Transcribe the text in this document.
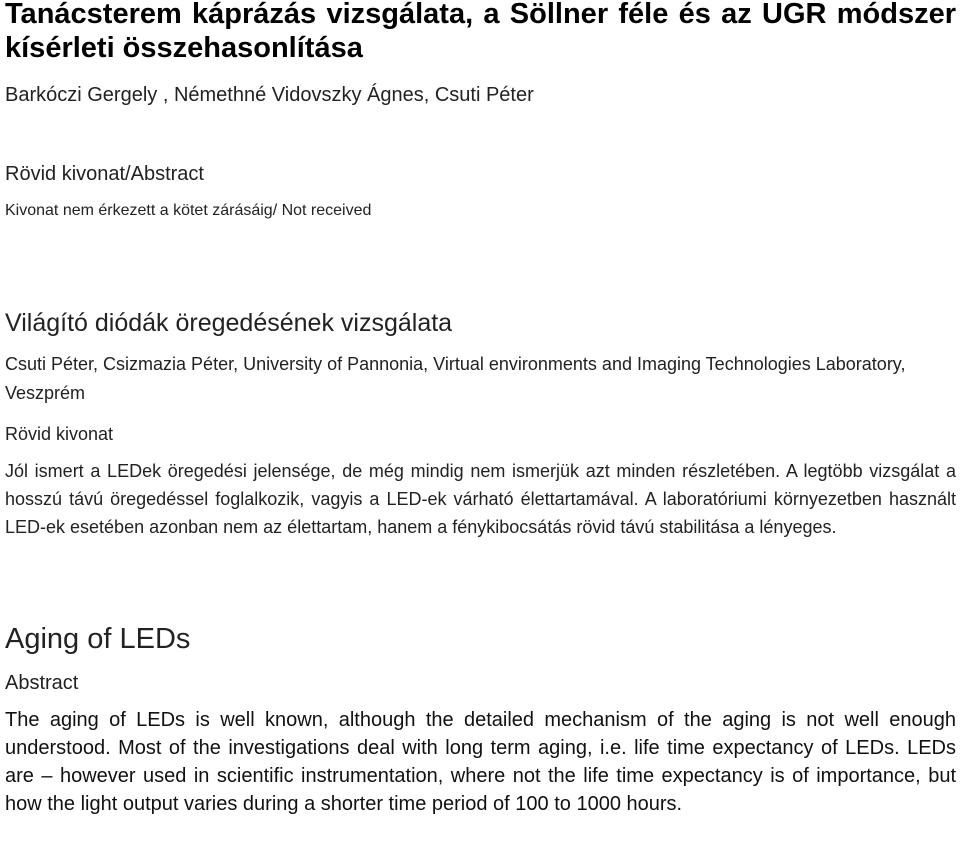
Tanácsterem káprázás vizsgálata, a Söllner féle és az UGR módszer kísérleti összehasonlítása

Barkóczi Gergely , Némethné Vidovszky Ágnes, Csuti Péter

Rövid kivonat/Abstract

Kivonat nem érkezett a kötet zárásáig/ Not received

Világító diódák öregedésének vizsgálata

Csuti Péter, Csizmazia Péter, University of Pannonia, Virtual environments and Imaging Technologies Laboratory, Veszprém

Rövid kivonat

Jól ismert a LEDek öregedési jelensége, de még mindig nem ismerjük azt minden részletében. A legtöbb vizsgálat a hosszú távú öregedéssel foglalkozik, vagyis a LED-ek várható élettartamával. A laboratóriumi környezetben használt LED-ek esetében azonban nem az élettartam, hanem a fénykibocsátás rövid távú stabilitása a lényeges.

Aging of LEDs

Abstract

The aging of LEDs is well known, although the detailed mechanism of the aging is not well enough understood. Most of the investigations deal with long term aging, i.e. life time expectancy of LEDs. LEDs are – however used in scientific instrumentation, where not the life time expectancy is of importance, but how the light output varies during a shorter time period of 100 to 1000 hours.
